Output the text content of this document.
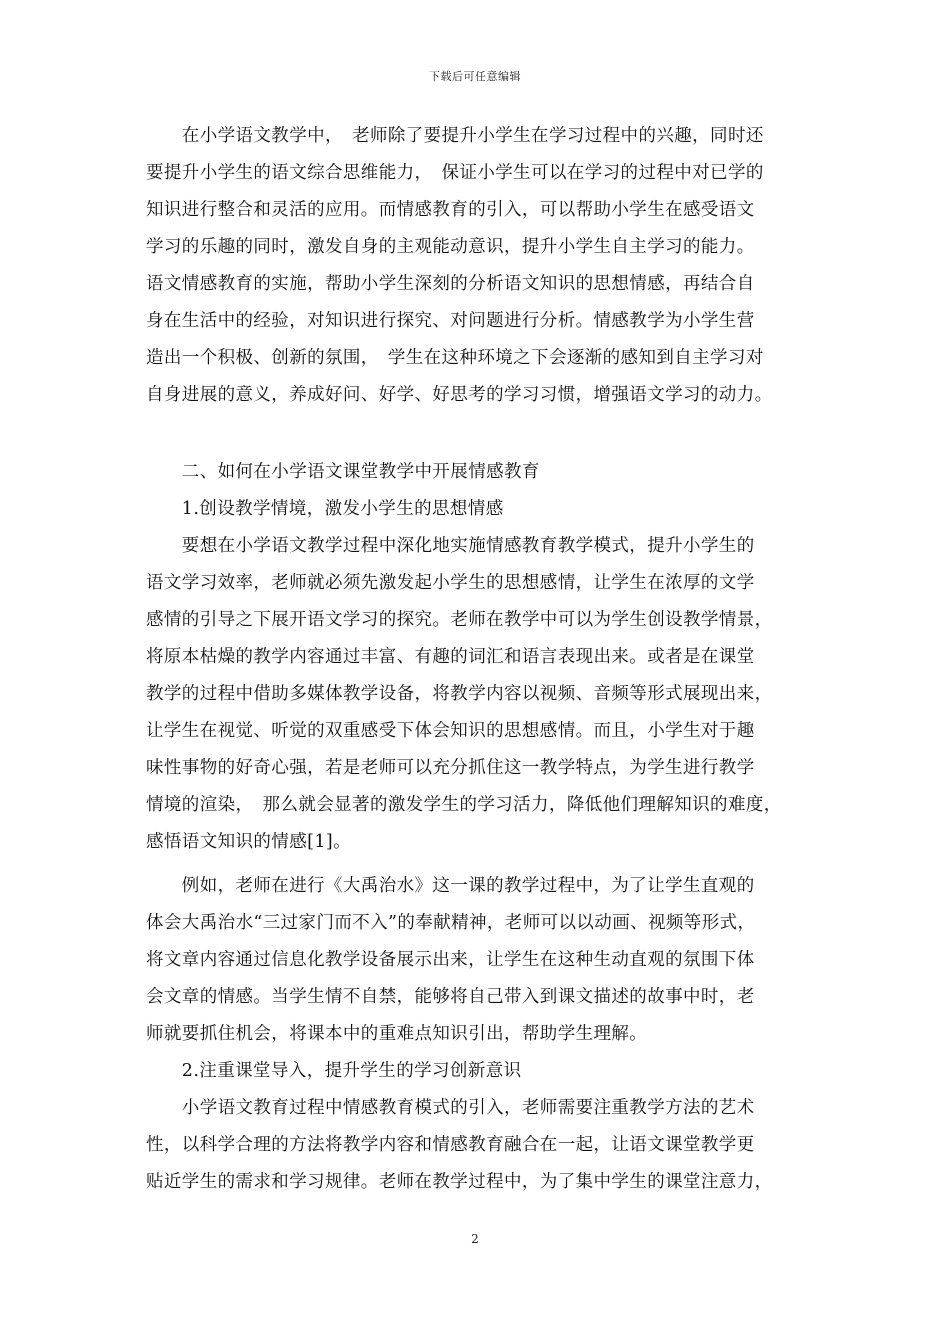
下载后可任意编辑
　　在小学语文教学中，　老师除了要提升小学生在学习过程中的兴趣，同时还
要提升小学生的语文综合思维能力，　保证小学生可以在学习的过程中对已学的
知识进行整合和灵活的应用。而情感教育的引入，可以帮助小学生在感受语文
学习的乐趣的同时，激发自身的主观能动意识，提升小学生自主学习的能力。
语文情感教育的实施，帮助小学生深刻的分析语文知识的思想情感，再结合自
身在生活中的经验，对知识进行探究、对问题进行分析。情感教学为小学生营
造出一个积极、创新的氛围，　学生在这种环境之下会逐渐的感知到自主学习对
自身进展的意义，养成好问、好学、好思考的学习习惯，增强语文学习的动力。
　　二、如何在小学语文课堂教学中开展情感教育
　　1.创设教学情境，激发小学生的思想情感
　　要想在小学语文教学过程中深化地实施情感教育教学模式，提升小学生的
语文学习效率，老师就必须先激发起小学生的思想感情，让学生在浓厚的文学
感情的引导之下展开语文学习的探究。老师在教学中可以为学生创设教学情景，
将原本枯燥的教学内容通过丰富、有趣的词汇和语言表现出来。或者是在课堂
教学的过程中借助多媒体教学设备，将教学内容以视频、音频等形式展现出来，
让学生在视觉、听觉的双重感受下体会知识的思想感情。而且，小学生对于趣
味性事物的好奇心强，若是老师可以充分抓住这一教学特点，为学生进行教学
情境的渲染，　那么就会显著的激发学生的学习活力，降低他们理解知识的难度，
感悟语文知识的情感[1]。
　　例如，老师在进行《大禹治水》这一课的教学过程中，为了让学生直观的
体会大禹治水“三过家门而不入”的奉献精神，老师可以以动画、视频等形式，
将文章内容通过信息化教学设备展示出来，让学生在这种生动直观的氛围下体
会文章的情感。当学生情不自禁，能够将自己带入到课文描述的故事中时，老
师就要抓住机会，将课本中的重难点知识引出，帮助学生理解。
　　2.注重课堂导入，提升学生的学习创新意识
　　小学语文教育过程中情感教育模式的引入，老师需要注重教学方法的艺术
性，以科学合理的方法将教学内容和情感教育融合在一起，让语文课堂教学更
贴近学生的需求和学习规律。老师在教学过程中，为了集中学生的课堂注意力，
2
